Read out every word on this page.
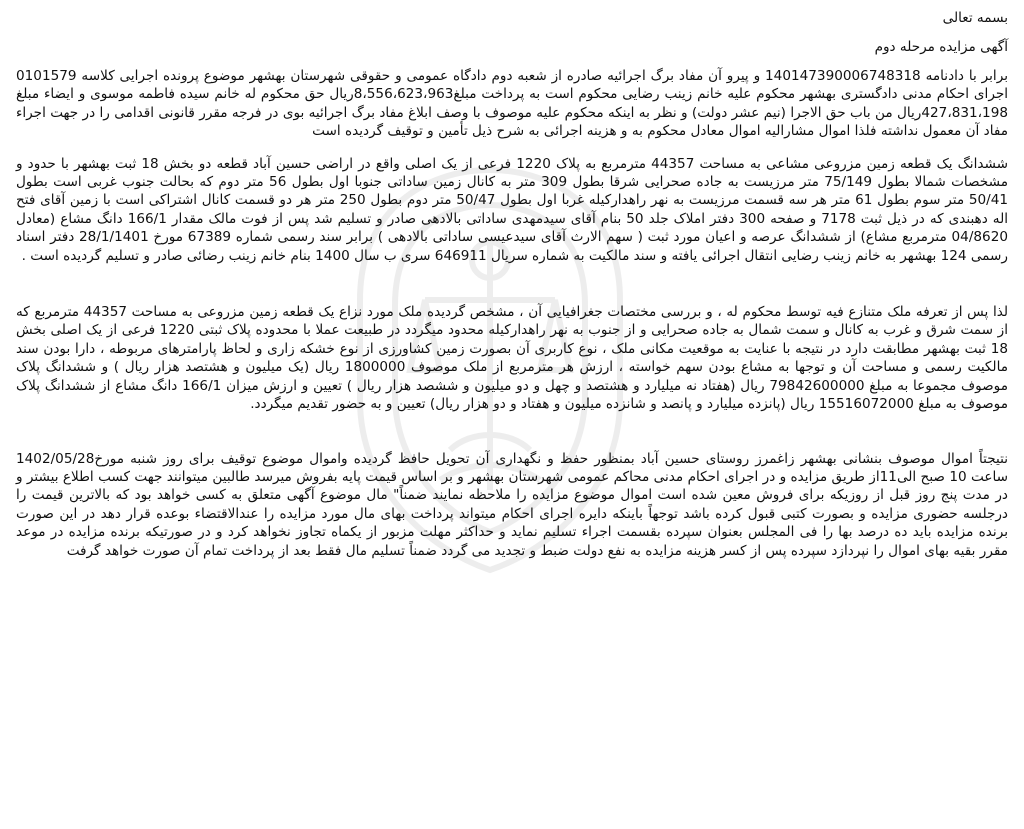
بسمه تعالی

آگهی مزایده مرحله دوم

برابر با دادنامه 140147390006748318 و پیرو آن مفاد برگ اجرائیه صادره از شعبه دوم دادگاه عمومی و حقوقی شهرستان بهشهر موضوع پرونده اجرایی کلاسه 0101579 اجرای احکام مدنی دادگستری بهشهر محکوم علیه خانم زینب رضایی محکوم است به پرداخت مبلغ8،556،623،963ریال حق محکوم له خانم سیده فاطمه موسوی و ایضاء مبلغ 427،831،198ریال من باب حق الاجرا (نیم عشر دولت) و نظر به اینکه محکوم علیه موصوف با وصف ابلاغ مفاد برگ اجرائیه بوی در فرجه مقرر قانونی اقدامی را در جهت اجراء مفاد آن معمول نداشته فلذا اموال مشارالیه اموال معادل محکوم به و هزینه اجرائی به شرح ذیل تأمین و توقیف گردیده است

ششدانگ یک قطعه زمین مزروعی مشاعی به مساحت 44357 مترمربع به پلاک 1220 فرعی از یک اصلی واقع در اراضی حسین آباد قطعه دو بخش 18 ثبت بهشهر با حدود و مشخصات شمالا بطول 75/149 متر مرزیست به جاده صحرایی شرقا بطول 309 متر به کانال زمین ساداتی جنوبا اول بطول 56 متر دوم که بحالت جنوب غربی است بطول 50/41 متر سوم بطول 61 متر هر سه قسمت مرزیست به نهر راهدارکیله غربا اول بطول 50/47 متر دوم بطول 250 متر هر دو قسمت کانال اشتراکی است با زمین آقای فتح اله دهبندی که در ذیل ثبت 7178 و صفحه 300 دفتر املاک جلد 50 بنام آقای سیدمهدی ساداتی بالادهی صادر و تسلیم شد پس از فوت مالک مقدار 166/1 دانگ مشاع (معادل 04/8620 مترمربع مشاع) از ششدانگ عرصه و اعیان مورد ثبت ( سهم الارث آقای سیدعیسی ساداتی بالادهی ) برابر سند رسمی شماره 67389 مورخ 28/1/1401 دفتر اسناد رسمی 124 بهشهر به خانم زینب رضایی انتقال اجرائی یافته و سند مالکیت به شماره سریال 646911 سری ب سال 1400 بنام خانم زینب رضائی صادر و تسلیم گردیده است .

لذا پس از تعرفه ملک متنازع فیه توسط محکوم له ، و بررسی مختصات جغرافیایی آن ، مشخص گردیده ملک مورد نزاع یک قطعه زمین مزروعی به مساحت 44357 مترمربع که از سمت شرق و غرب به کانال و سمت شمال به جاده صحرایی و از جنوب به نهر راهدارکیله محدود میگردد در طبیعت عملا با محدوده پلاک ثبتی 1220 فرعی از یک اصلی بخش 18 ثبت بهشهر مطابقت دارد در نتیجه با عنایت به موقعیت مکانی ملک ، نوع کاربری آن بصورت زمین کشاورزی از نوع خشکه زاری و لحاظ پارامترهای مربوطه ، دارا بودن سند مالکیت رسمی و مساحت آن و توجها به مشاع بودن سهم خواسته ، ارزش هر مترمربع از ملک موصوف 1800000 ریال (یک میلیون و هشتصد هزار ریال ) و ششدانگ پلاک موصوف مجموعا به مبلغ 79842600000 ریال (هفتاد نه میلیارد و هشتصد و چهل و دو میلیون و ششصد هزار ریال ) تعیین و ارزش میزان 166/1 دانگ مشاع از ششدانگ پلاک موصوف به مبلغ 15516072000 ریال (پانزده میلیارد و پانصد و شانزده میلیون و هفتاد و دو هزار ریال) تعیین و به حضور تقدیم میگردد.

نتیجتاً اموال موصوف بنشانی بهشهر زاغمرز روستای حسین آباد بمنظور حفظ و نگهداری آن تحویل حافظ گردیده واموال موضوع توقیف برای روز شنبه مورخ1402/05/28 ساعت 10 صبح الی11از طریق مزایده و در اجرای احکام مدنی محاکم عمومی شهرستان بهشهر و بر اساس قیمت پایه بفروش میرسد طالبین میتوانند جهت کسب اطلاع بیشتر و در مدت پنج روز قبل از روزیکه برای فروش معین شده است اموال موضوع مزایده را ملاحظه نمایند ضمناً" مال موضوع آگهی متعلق به کسی خواهد بود که بالاترین قیمت را درجلسه حضوری مزایده و بصورت کتبی قبول کرده باشد توجهاً باینکه دایره اجرای احکام میتواند پرداخت بهای مال مورد مزایده را عندالاقتضاء بوعده قرار دهد در این صورت برنده مزایده باید ده درصد بها را فی المجلس بعنوان سپرده بقسمت اجراء تسلیم نماید و حداکثر مهلت مزبور از یکماه تجاوز نخواهد کرد و در صورتیکه برنده مزایده در موعد مقرر بقیه بهای اموال را نپردازد سپرده پس از کسر هزینه مزایده به نفع دولت ضبط و تجدید می گردد ضمناً تسلیم مال فقط بعد از پرداخت تمام آن صورت خواهد گرفت
